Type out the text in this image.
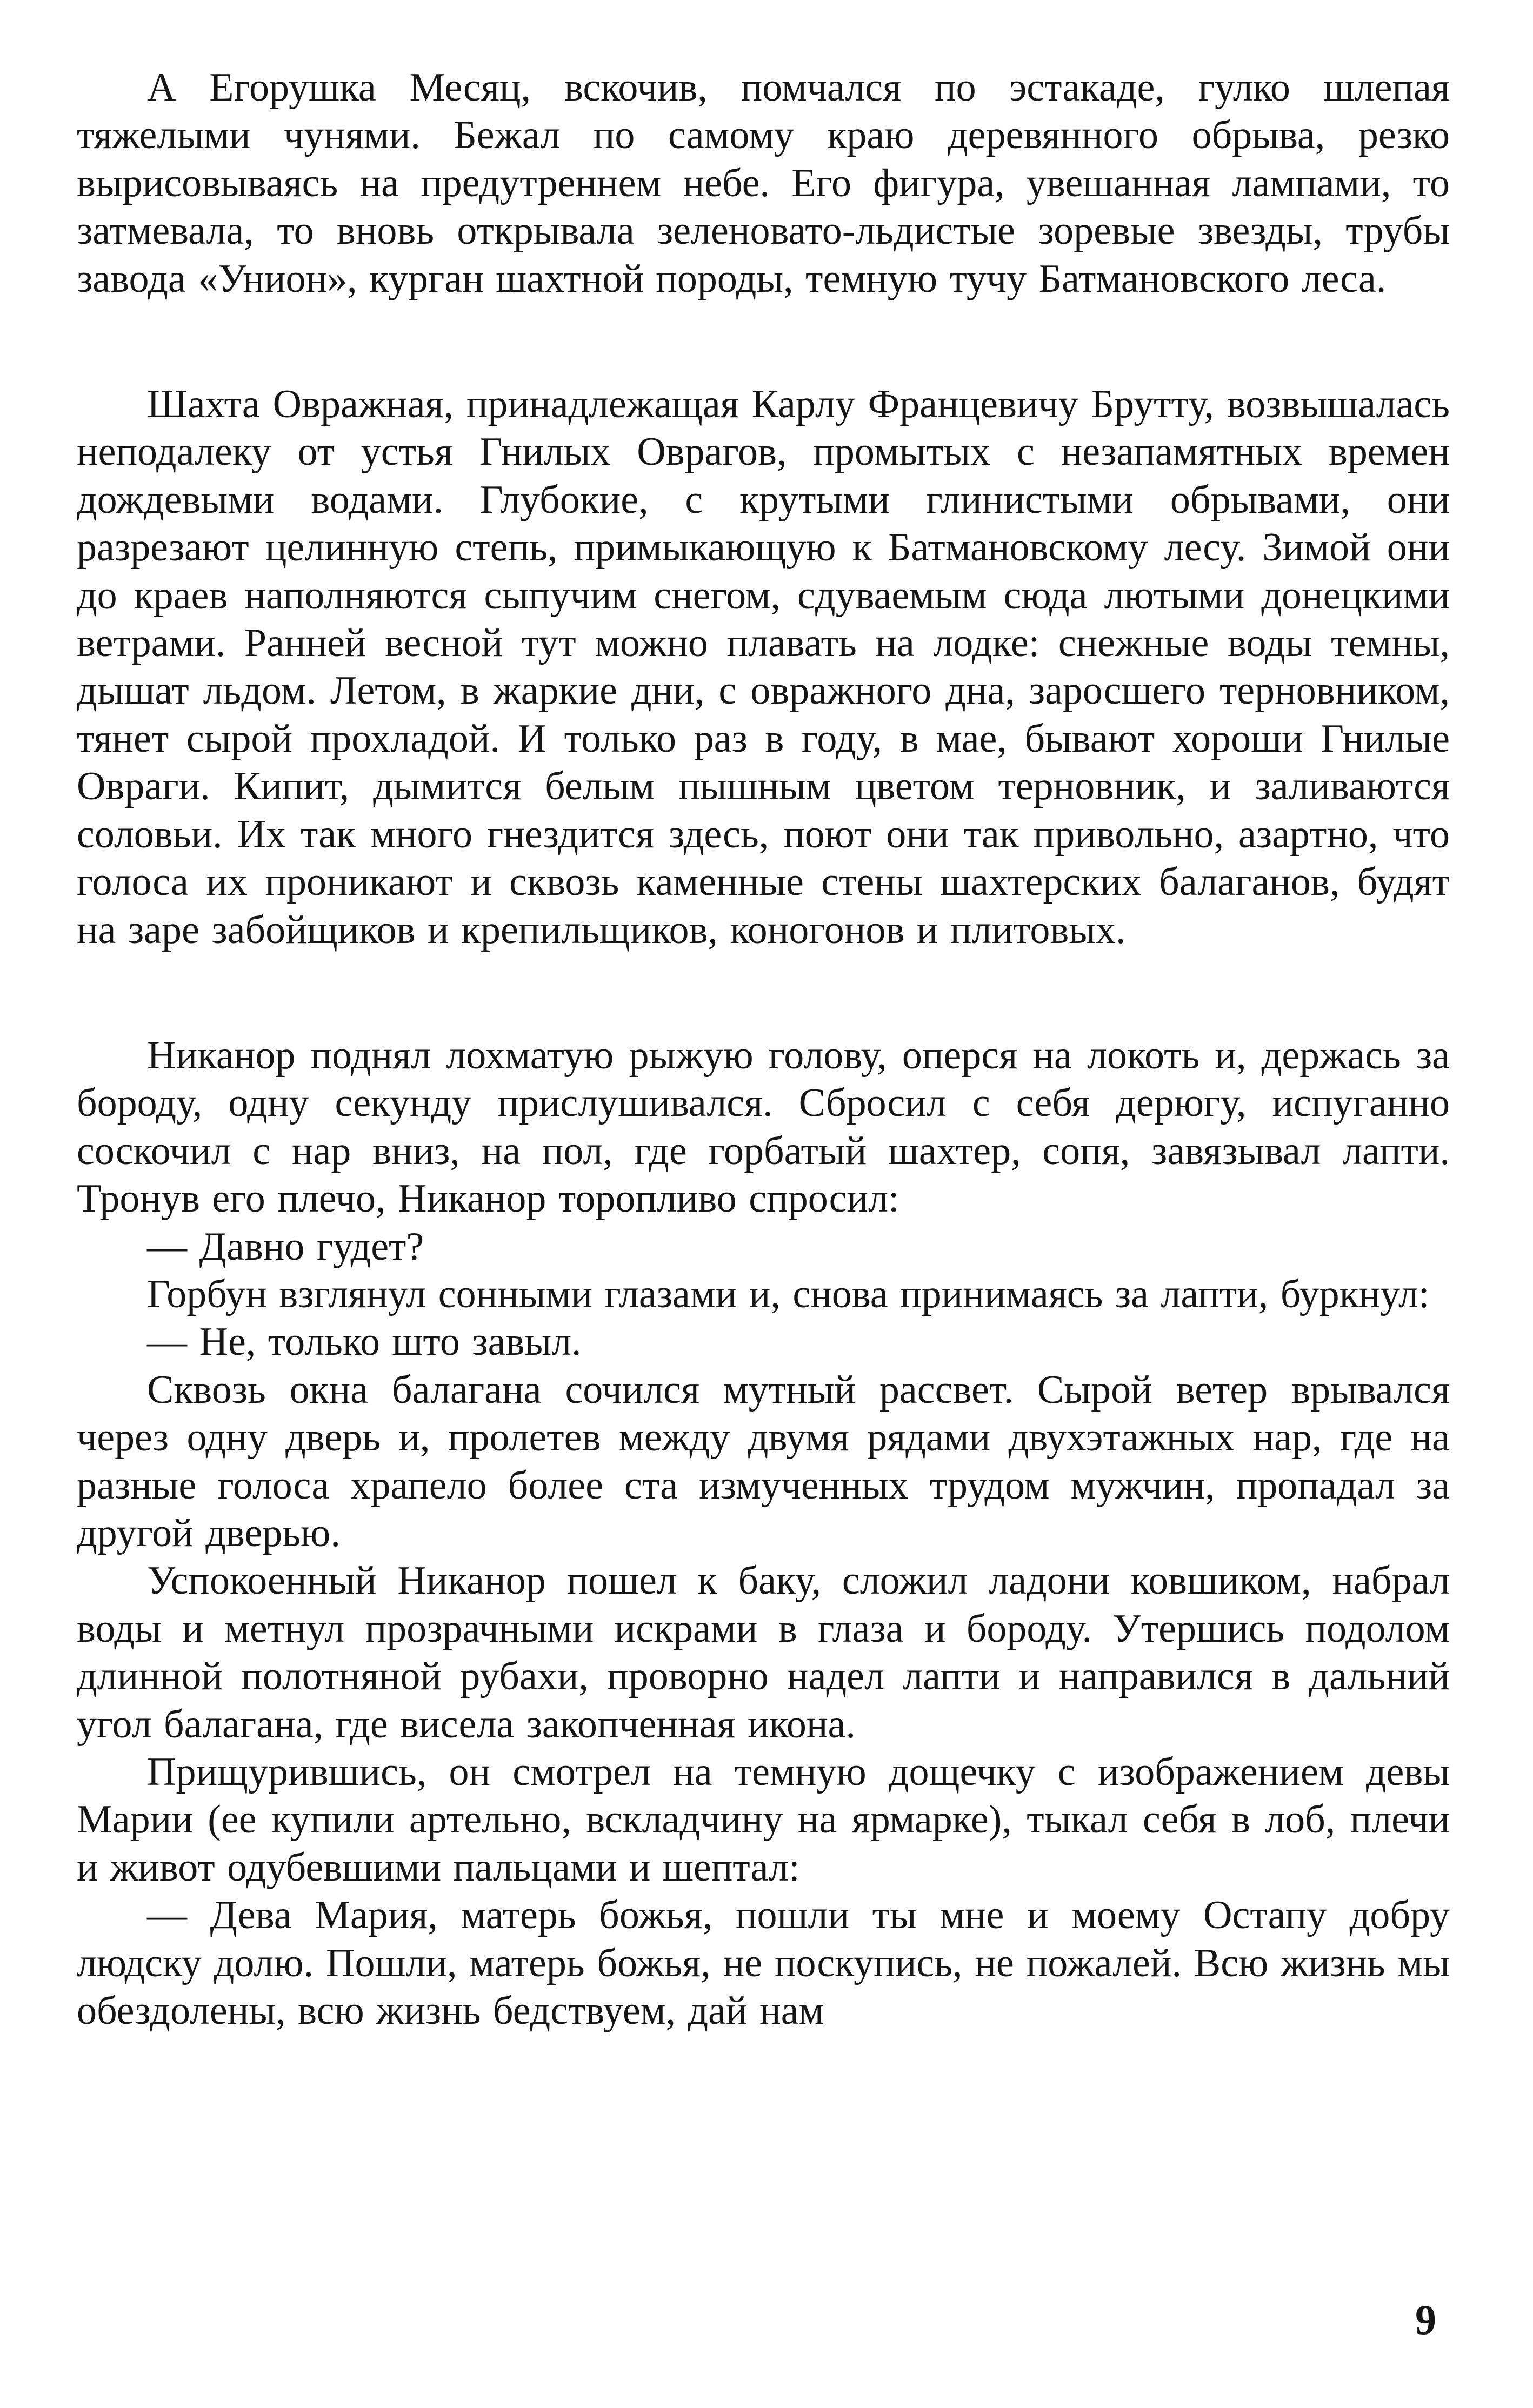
А Егорушка Месяц, вскочив, помчался по эстакаде, гулко шлепая тяжелыми чунями. Бежал по самому краю деревянного обрыва, резко вырисовываясь на предутреннем небе. Его фигура, увешанная лампами, то затмевала, то вновь открывала зеленовато-льдистые зоревые звезды, трубы завода «Унион», курган шахтной породы, темную тучу Батмановского леса.

Шахта Овражная, принадлежащая Карлу Францевичу Брутту, возвышалась неподалеку от устья Гнилых Оврагов, промытых с незапамятных времен дождевыми водами. Глубокие, с крутыми глинистыми обрывами, они разрезают целинную степь, примыкающую к Батмановскому лесу. Зимой они до краев наполняются сыпучим снегом, сдуваемым сюда лютыми донецкими ветрами. Ранней весной тут можно плавать на лодке: снежные воды темны, дышат льдом. Летом, в жаркие дни, с овражного дна, заросшего терновником, тянет сырой прохладой. И только раз в году, в мае, бывают хороши Гнилые Овраги. Кипит, дымится белым пышным цветом терновник, и заливаются соловьи. Их так много гнездится здесь, поют они так привольно, азартно, что голоса их проникают и сквозь каменные стены шахтерских балаганов, будят на заре забойщиков и крепильщиков, коногонов и плитовых.

Никанор поднял лохматую рыжую голову, оперся на локоть и, держась за бороду, одну секунду прислушивался. Сбросил с себя дерюгу, испуганно соскочил с нар вниз, на пол, где горбатый шахтер, сопя, завязывал лапти. Тронув его плечо, Никанор торопливо спросил:

— Давно гудет?

Горбун взглянул сонными глазами и, снова принимаясь за лапти, буркнул:

— Не, только што завыл.

Сквозь окна балагана сочился мутный рассвет. Сырой ветер врывался через одну дверь и, пролетев между двумя рядами двухэтажных нар, где на разные голоса храпело более ста измученных трудом мужчин, пропадал за другой дверью.

Успокоенный Никанор пошел к баку, сложил ладони ковшиком, набрал воды и метнул прозрачными искрами в глаза и бороду. Утершись подолом длинной полотняной рубахи, проворно надел лапти и направился в дальний угол балагана, где висела закопченная икона.

Прищурившись, он смотрел на темную дощечку с изображением девы Марии (ее купили артельно, вскладчину на ярмарке), тыкал себя в лоб, плечи и живот одубевшими пальцами и шептал:

— Дева Мария, матерь божья, пошли ты мне и моему Остапу добру людску долю. Пошли, матерь божья, не поскупись, не пожалей. Всю жизнь мы обездолены, всю жизнь бедствуем, дай нам

9
